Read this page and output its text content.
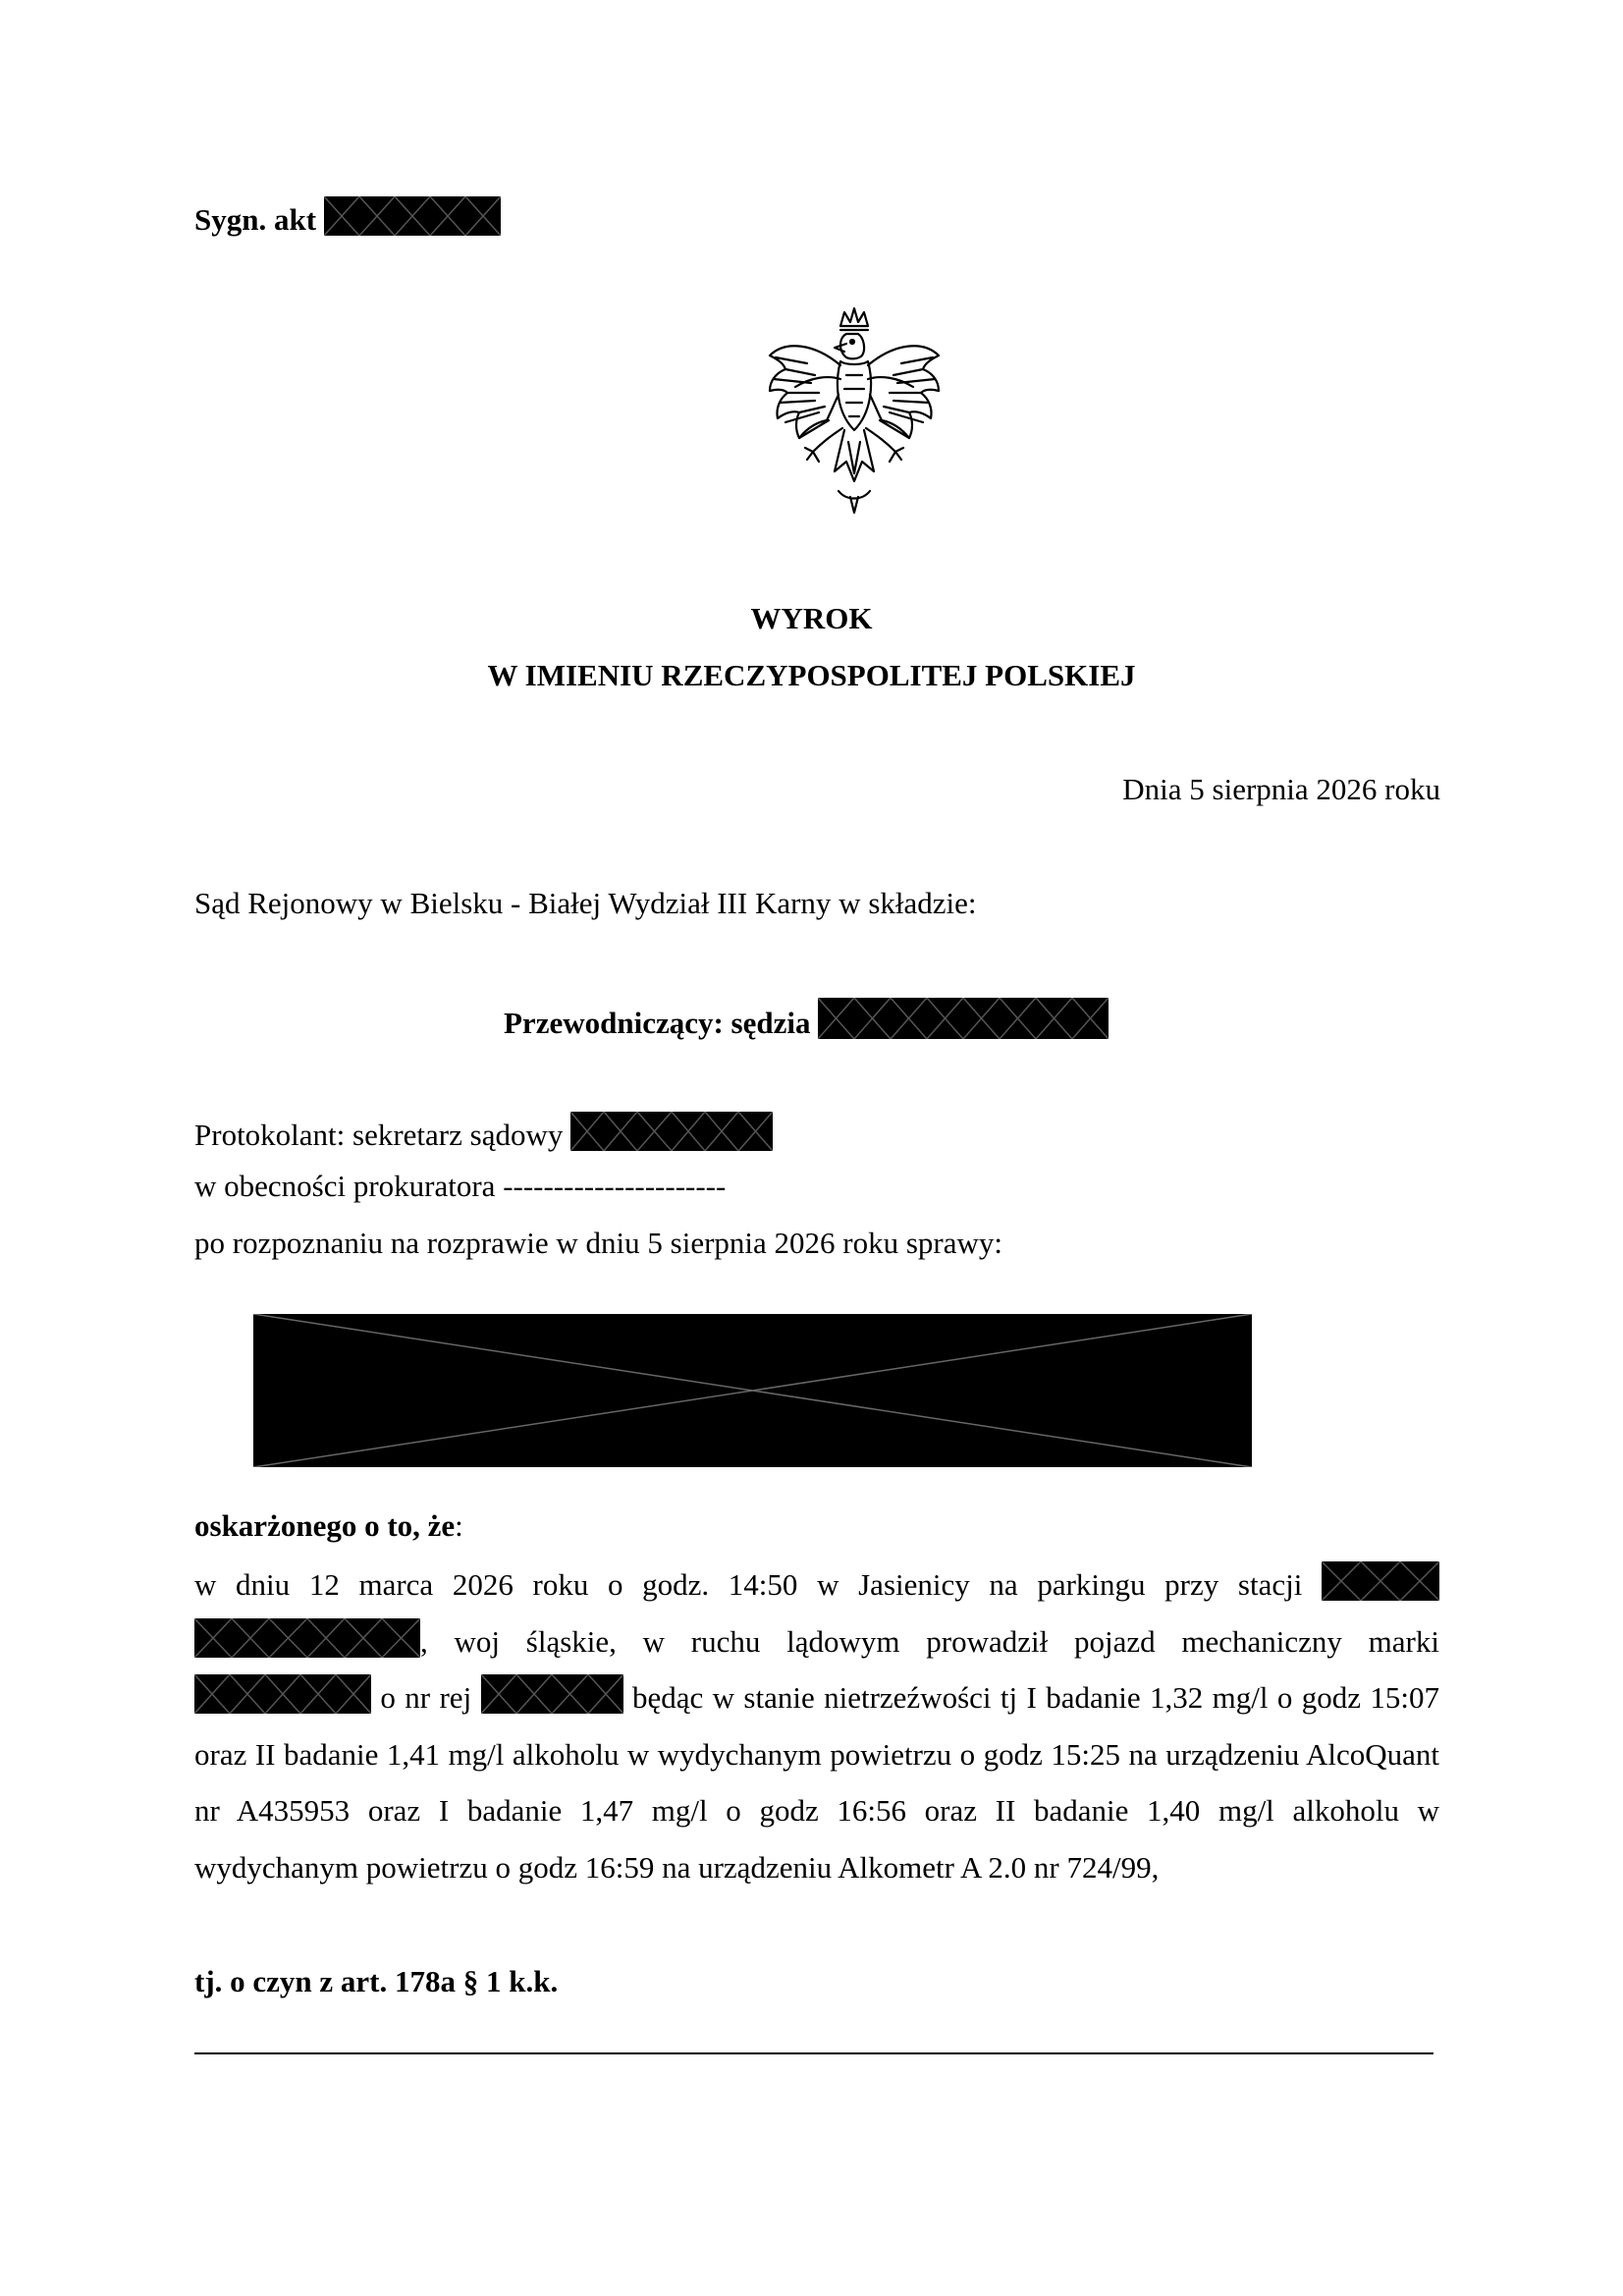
Sygn. akt
WYROK
W IMIENIU RZECZYPOSPOLITEJ POLSKIEJ
Dnia 5 sierpnia 2026 roku
Sąd Rejonowy w Bielsku - Białej Wydział III Karny w składzie:
Przewodniczący: sędzia
Protokolant: sekretarz sądowy
w obecności prokuratora ----------------------
po rozpoznaniu na rozprawie w dniu 5 sierpnia 2026 roku sprawy:
oskarżonego o to, że:
w dniu 12 marca 2026 roku o godz. 14:50 w Jasienicy na parkingu przy stacji

, woj śląskie, w ruchu lądowym prowadził pojazd mechaniczny marki
o nr rej	będąc w stanie nietrzeźwości tj I badanie 1,32 mg/l o godz 15:07 oraz II badanie 1,41 mg/l alkoholu w wydychanym powietrzu o godz 15:25 na urządzeniu AlcoQuant nr A435953 oraz I badanie 1,47 mg/l o godz 16:56 oraz II badanie 1,40 mg/l alkoholu w wydychanym powietrzu o godz 16:59 na urządzeniu Alkometr A 2.0 nr 724/99,
tj. o czyn z art. 178a § 1 k.k.
